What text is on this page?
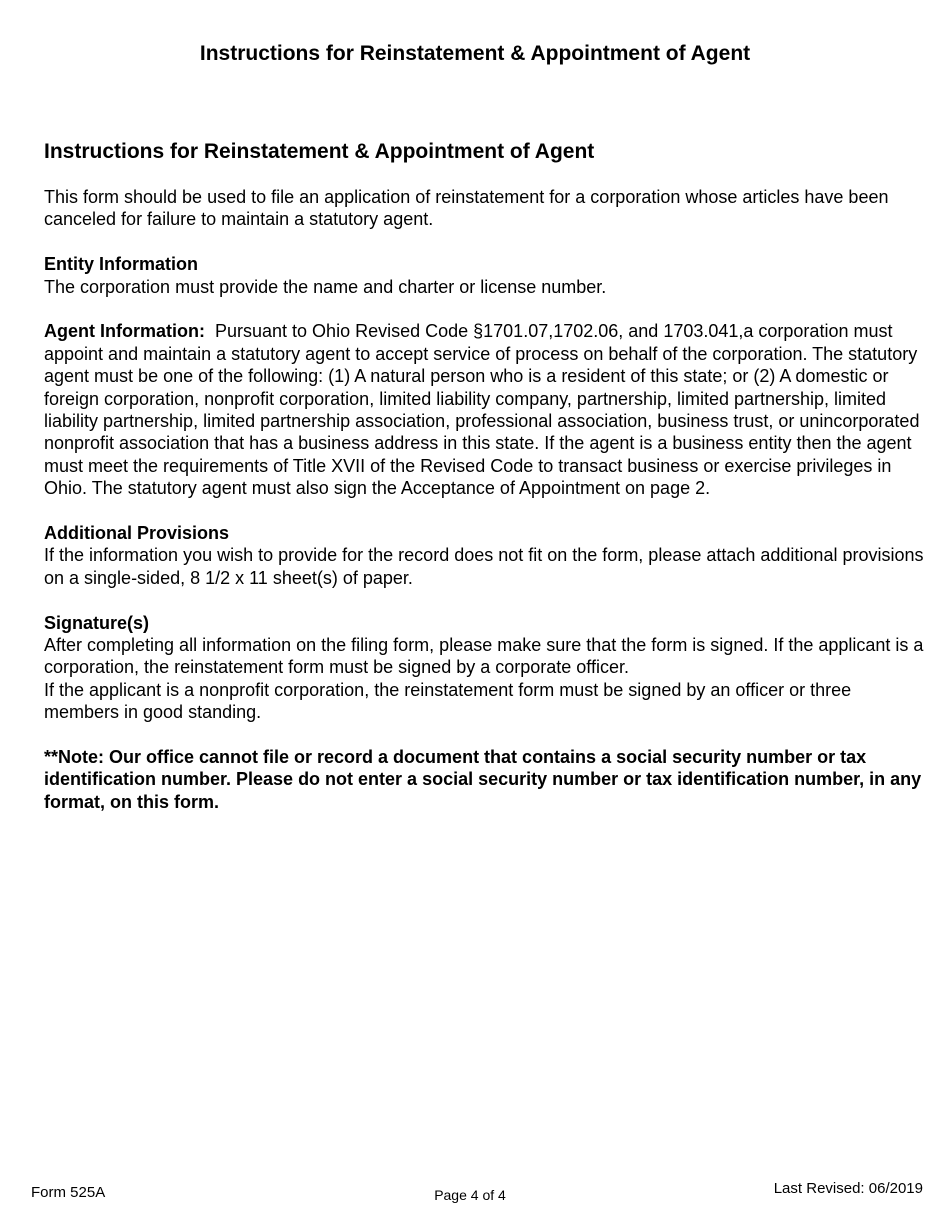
Instructions for Reinstatement & Appointment of Agent
Instructions for Reinstatement & Appointment of Agent
This form should be used to file an application of reinstatement for a corporation whose articles have been canceled for failure to maintain a statutory agent.
Entity Information
The corporation must provide the name and charter or license number.
Agent Information: Pursuant to Ohio Revised Code §1701.07,1702.06, and 1703.041,a corporation must appoint and maintain a statutory agent to accept service of process on behalf of the corporation. The statutory agent must be one of the following: (1) A natural person who is a resident of this state; or (2) A domestic or foreign corporation, nonprofit corporation, limited liability company, partnership, limited partnership, limited liability partnership, limited partnership association, professional association, business trust, or unincorporated nonprofit association that has a business address in this state. If the agent is a business entity then the agent must meet the requirements of Title XVII of the Revised Code to transact business or exercise privileges in Ohio. The statutory agent must also sign the Acceptance of Appointment on page 2.
Additional Provisions
If the information you wish to provide for the record does not fit on the form, please attach additional provisions on a single-sided, 8 1/2 x 11 sheet(s) of paper.
Signature(s)
After completing all information on the filing form, please make sure that the form is signed. If the applicant is a corporation, the reinstatement form must be signed by a corporate officer.
If the applicant is a nonprofit corporation, the reinstatement form must be signed by an officer or three members in good standing.
**Note: Our office cannot file or record a document that contains a social security number or tax identification number. Please do not enter a social security number or tax identification number, in any format, on this form.
Form 525A	Page 4 of 4	Last Revised: 06/2019
